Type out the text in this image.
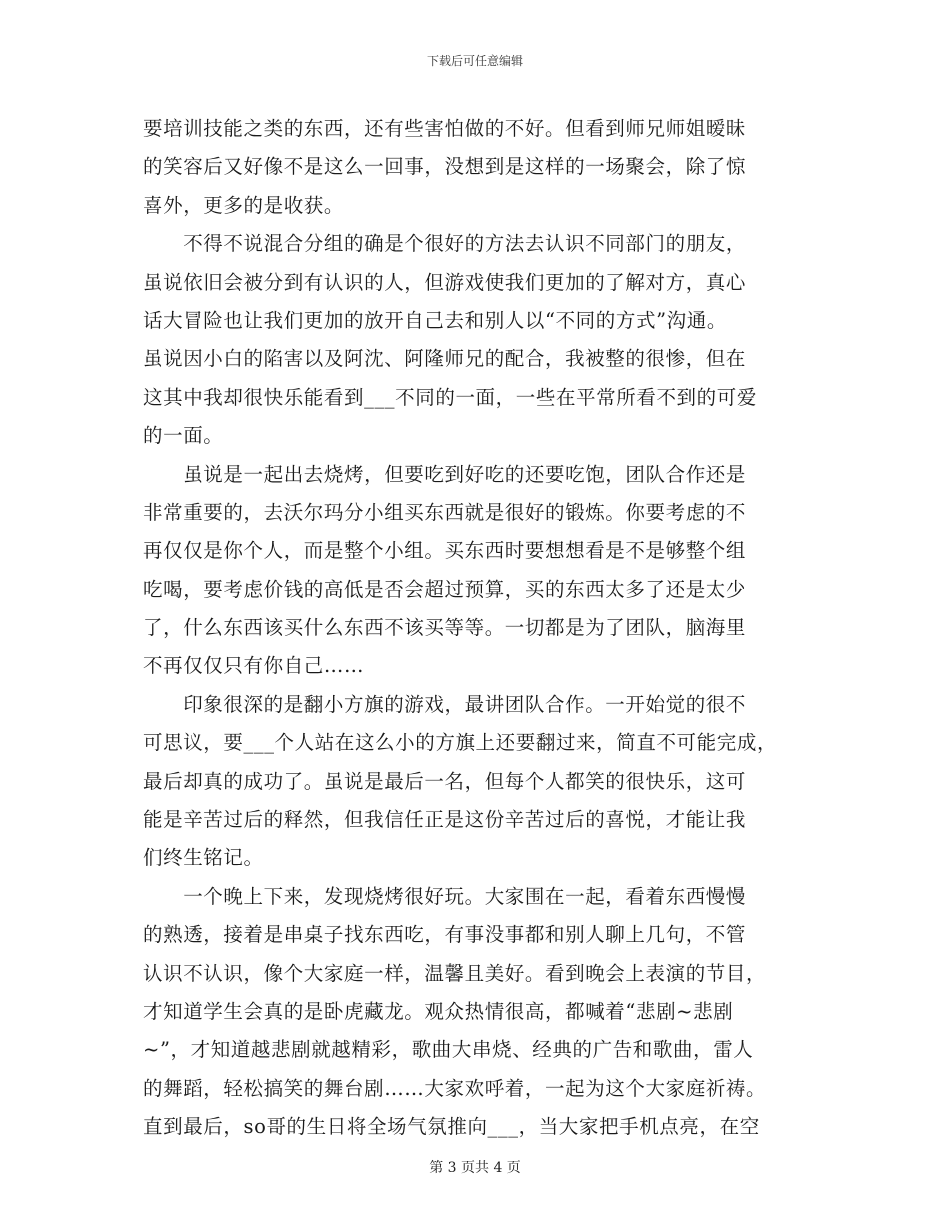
下载后可任意编辑
要培训技能之类的东西，还有些害怕做的不好。但看到师兄师姐暧昧
的笑容后又好像不是这么一回事，没想到是这样的一场聚会，除了惊
喜外，更多的是收获。
　　不得不说混合分组的确是个很好的方法去认识不同部门的朋友，
虽说依旧会被分到有认识的人，但游戏使我们更加的了解对方，真心
话大冒险也让我们更加的放开自己去和别人以“不同的方式”沟通。
虽说因小白的陷害以及阿沈、阿隆师兄的配合，我被整的很惨，但在
这其中我却很快乐能看到___不同的一面，一些在平常所看不到的可爱
的一面。
　　虽说是一起出去烧烤，但要吃到好吃的还要吃饱，团队合作还是
非常重要的，去沃尔玛分小组买东西就是很好的锻炼。你要考虑的不
再仅仅是你个人，而是整个小组。买东西时要想想看是不是够整个组
吃喝，要考虑价钱的高低是否会超过预算，买的东西太多了还是太少
了，什么东西该买什么东西不该买等等。一切都是为了团队，脑海里
不再仅仅只有你自己……
　　印象很深的是翻小方旗的游戏，最讲团队合作。一开始觉的很不
可思议，要___个人站在这么小的方旗上还要翻过来，简直不可能完成，
最后却真的成功了。虽说是最后一名，但每个人都笑的很快乐，这可
能是辛苦过后的释然，但我信任正是这份辛苦过后的喜悦，才能让我
们终生铭记。
　　一个晚上下来，发现烧烤很好玩。大家围在一起，看着东西慢慢
的熟透，接着是串桌子找东西吃，有事没事都和别人聊上几句，不管
认识不认识，像个大家庭一样，温馨且美好。看到晚会上表演的节目，
才知道学生会真的是卧虎藏龙。观众热情很高，都喊着“悲剧~悲剧
~”，才知道越悲剧就越精彩，歌曲大串烧、经典的广告和歌曲，雷人
的舞蹈，轻松搞笑的舞台剧……大家欢呼着，一起为这个大家庭祈祷。
直到最后，so哥的生日将全场气氛推向___，当大家把手机点亮，在空
第 3 页共 4 页
